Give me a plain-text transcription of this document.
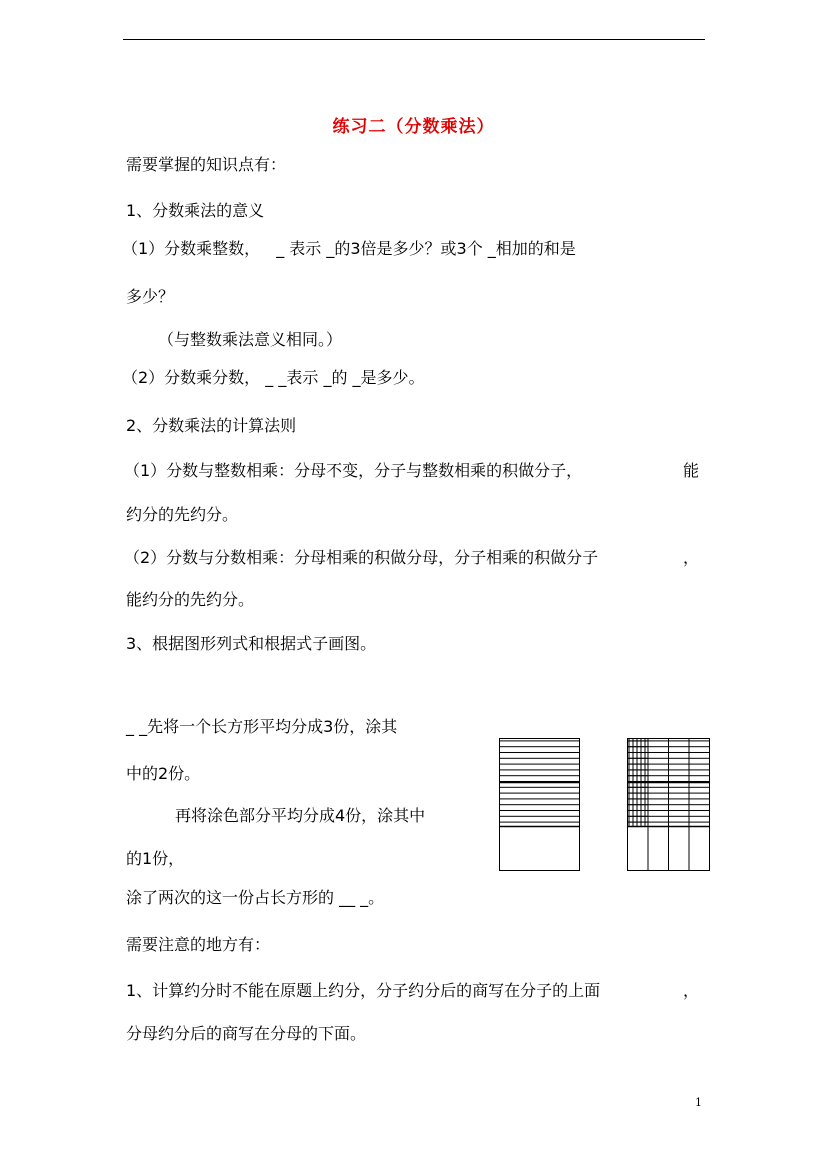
练习二（分数乘法）
需要掌握的知识点有：
1、分数乘法的意义
（1）分数乘整数， _ 表示 _的3倍是多少？或3个 _相加的和是
多少？
（与整数乘法意义相同。）
（2）分数乘分数， _ _表示 _的 _是多少。
2、分数乘法的计算法则
（1）分数与整数相乘：分母不变，分子与整数相乘的积做分子，	能
约分的先约分。
（2）分数与分数相乘：分母相乘的积做分母，分子相乘的积做分子	，
能约分的先约分。
3、根据图形列式和根据式子画图。
_ _先将一个长方形平均分成3份，涂其
中的2份。
再将涂色部分平均分成4份，涂其中
的1份，
涂了两次的这一份占长方形的 __ _。
需要注意的地方有：
1、计算约分时不能在原题上约分，分子约分后的商写在分子的上面	，
分母约分后的商写在分母的下面。
1
